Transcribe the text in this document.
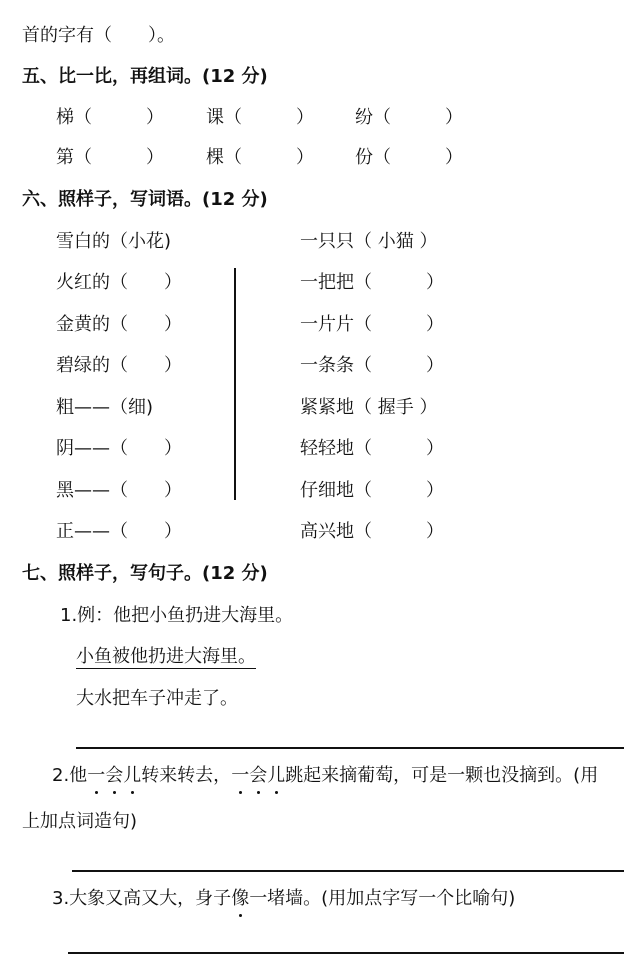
首的字有（　　）。
五、比一比，再组词。(12 分)
梯（　　　） 课（　　　） 纷（　　　）
第（　　　） 棵（　　　） 份（　　　）
六、照样子，写词语。(12 分)
雪白的（小花)
火红的（　　）
金黄的（　　）
碧绿的（　　）
粗——（细)
阴——（　　）
黑——（　　）
正——（　　）
一只只（ 小猫 ）
一把把（　　　）
一片片（　　　）
一条条（　　　）
紧紧地（ 握手 ）
轻轻地（　　　）
仔细地（　　　）
高兴地（　　　）
七、照样子，写句子。(12 分)
1.例：他把小鱼扔进大海里。
小鱼被他扔进大海里。
大水把车子冲走了。
2.他一会儿转来转去，一会儿跳起来摘葡萄，可是一颗也没摘到。(用
上加点词造句)
3.大象又高又大，身子像一堵墙。(用加点字写一个比喻句)
